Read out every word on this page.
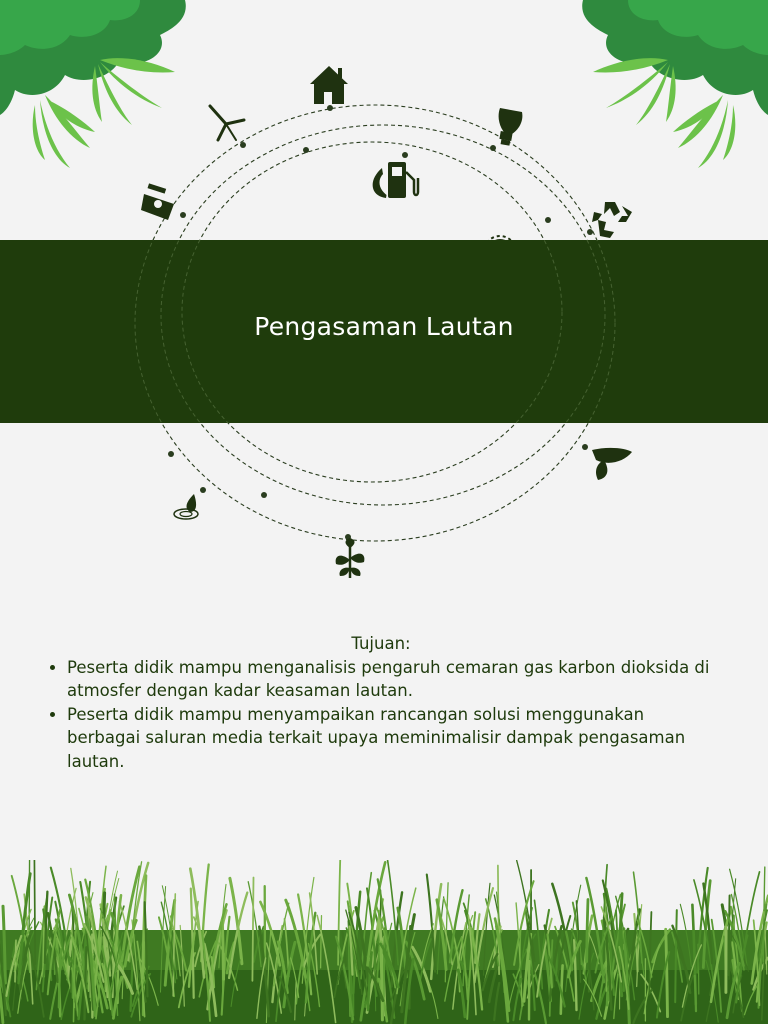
Pengasaman Lautan
Tujuan:
• Peserta didik mampu menganalisis pengaruh cemaran gas karbon dioksida di atmosfer dengan kadar keasaman lautan.
• Peserta didik mampu menyampaikan rancangan solusi menggunakan berbagai saluran media terkait upaya meminimalisir dampak pengasaman lautan.
